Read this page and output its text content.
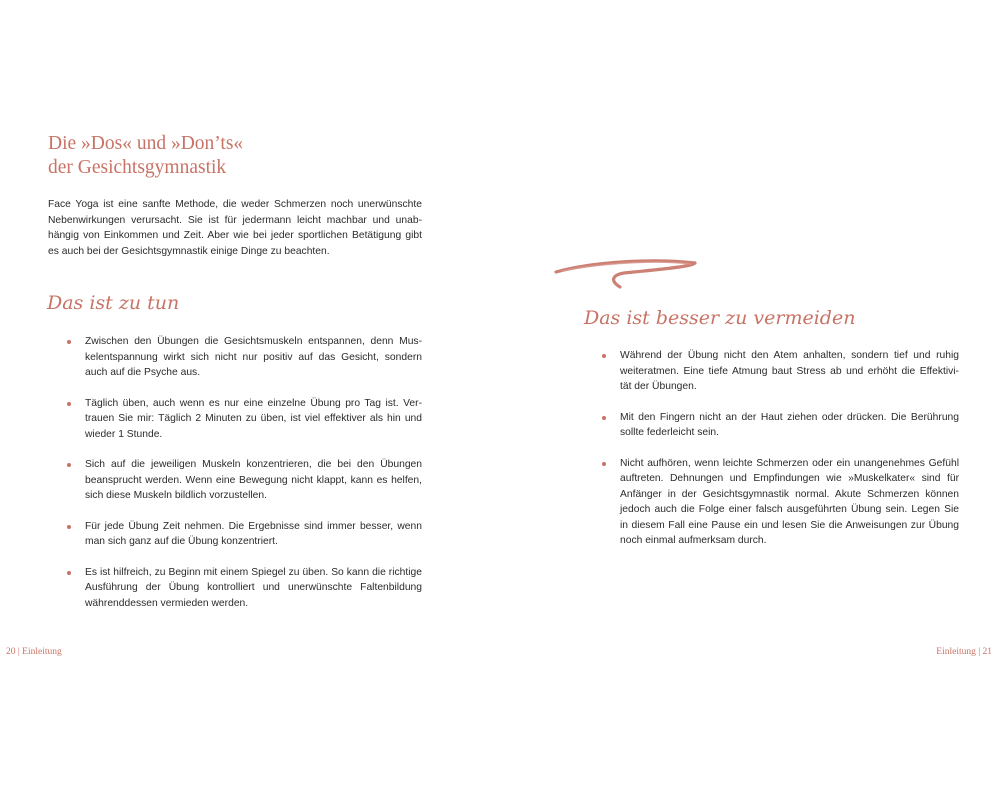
Die »Dos« und »Don’ts«
der Gesichtsgymnastik

Face Yoga ist eine sanfte Methode, die weder Schmerzen noch unerwünschte
Nebenwirkungen verursacht. Sie ist für jedermann leicht machbar und unab-
hängig von Einkommen und Zeit. Aber wie bei jeder sportlichen Betätigung gibt
es auch bei der Gesichtsgymnastik einige Dinge zu beachten.

Das ist zu tun
Zwischen den Übungen die Gesichtsmuskeln entspannen, denn Mus-
kelentspannung wirkt sich nicht nur positiv auf das Gesicht, sondern
auch auf die Psyche aus.
Täglich üben, auch wenn es nur eine einzelne Übung pro Tag ist. Ver-
trauen Sie mir: Täglich 2 Minuten zu üben, ist viel effektiver als hin und
wieder 1 Stunde.
Sich auf die jeweiligen Muskeln konzentrieren, die bei den Übungen
beansprucht werden. Wenn eine Bewegung nicht klappt, kann es helfen,
sich diese Muskeln bildlich vorzustellen.
Für jede Übung Zeit nehmen. Die Ergebnisse sind immer besser, wenn
man sich ganz auf die Übung konzentriert.
Es ist hilfreich, zu Beginn mit einem Spiegel zu üben. So kann die richtige
Ausführung der Übung kontrolliert und unerwünschte Faltenbildung
währenddessen vermieden werden.
20 | Einleitung
Das ist besser zu vermeiden
Während der Übung nicht den Atem anhalten, sondern tief und ruhig
weiteratmen. Eine tiefe Atmung baut Stress ab und erhöht die Effektivi-
tät der Übungen.
Mit den Fingern nicht an der Haut ziehen oder drücken. Die Berührung
sollte federleicht sein.
Nicht aufhören, wenn leichte Schmerzen oder ein unangenehmes Gefühl
auftreten. Dehnungen und Empfindungen wie »Muskelkater« sind für
Anfänger in der Gesichtsgymnastik normal. Akute Schmerzen können
jedoch auch die Folge einer falsch ausgeführten Übung sein. Legen Sie
in diesem Fall eine Pause ein und lesen Sie die Anweisungen zur Übung
noch einmal aufmerksam durch.
Einleitung | 21
